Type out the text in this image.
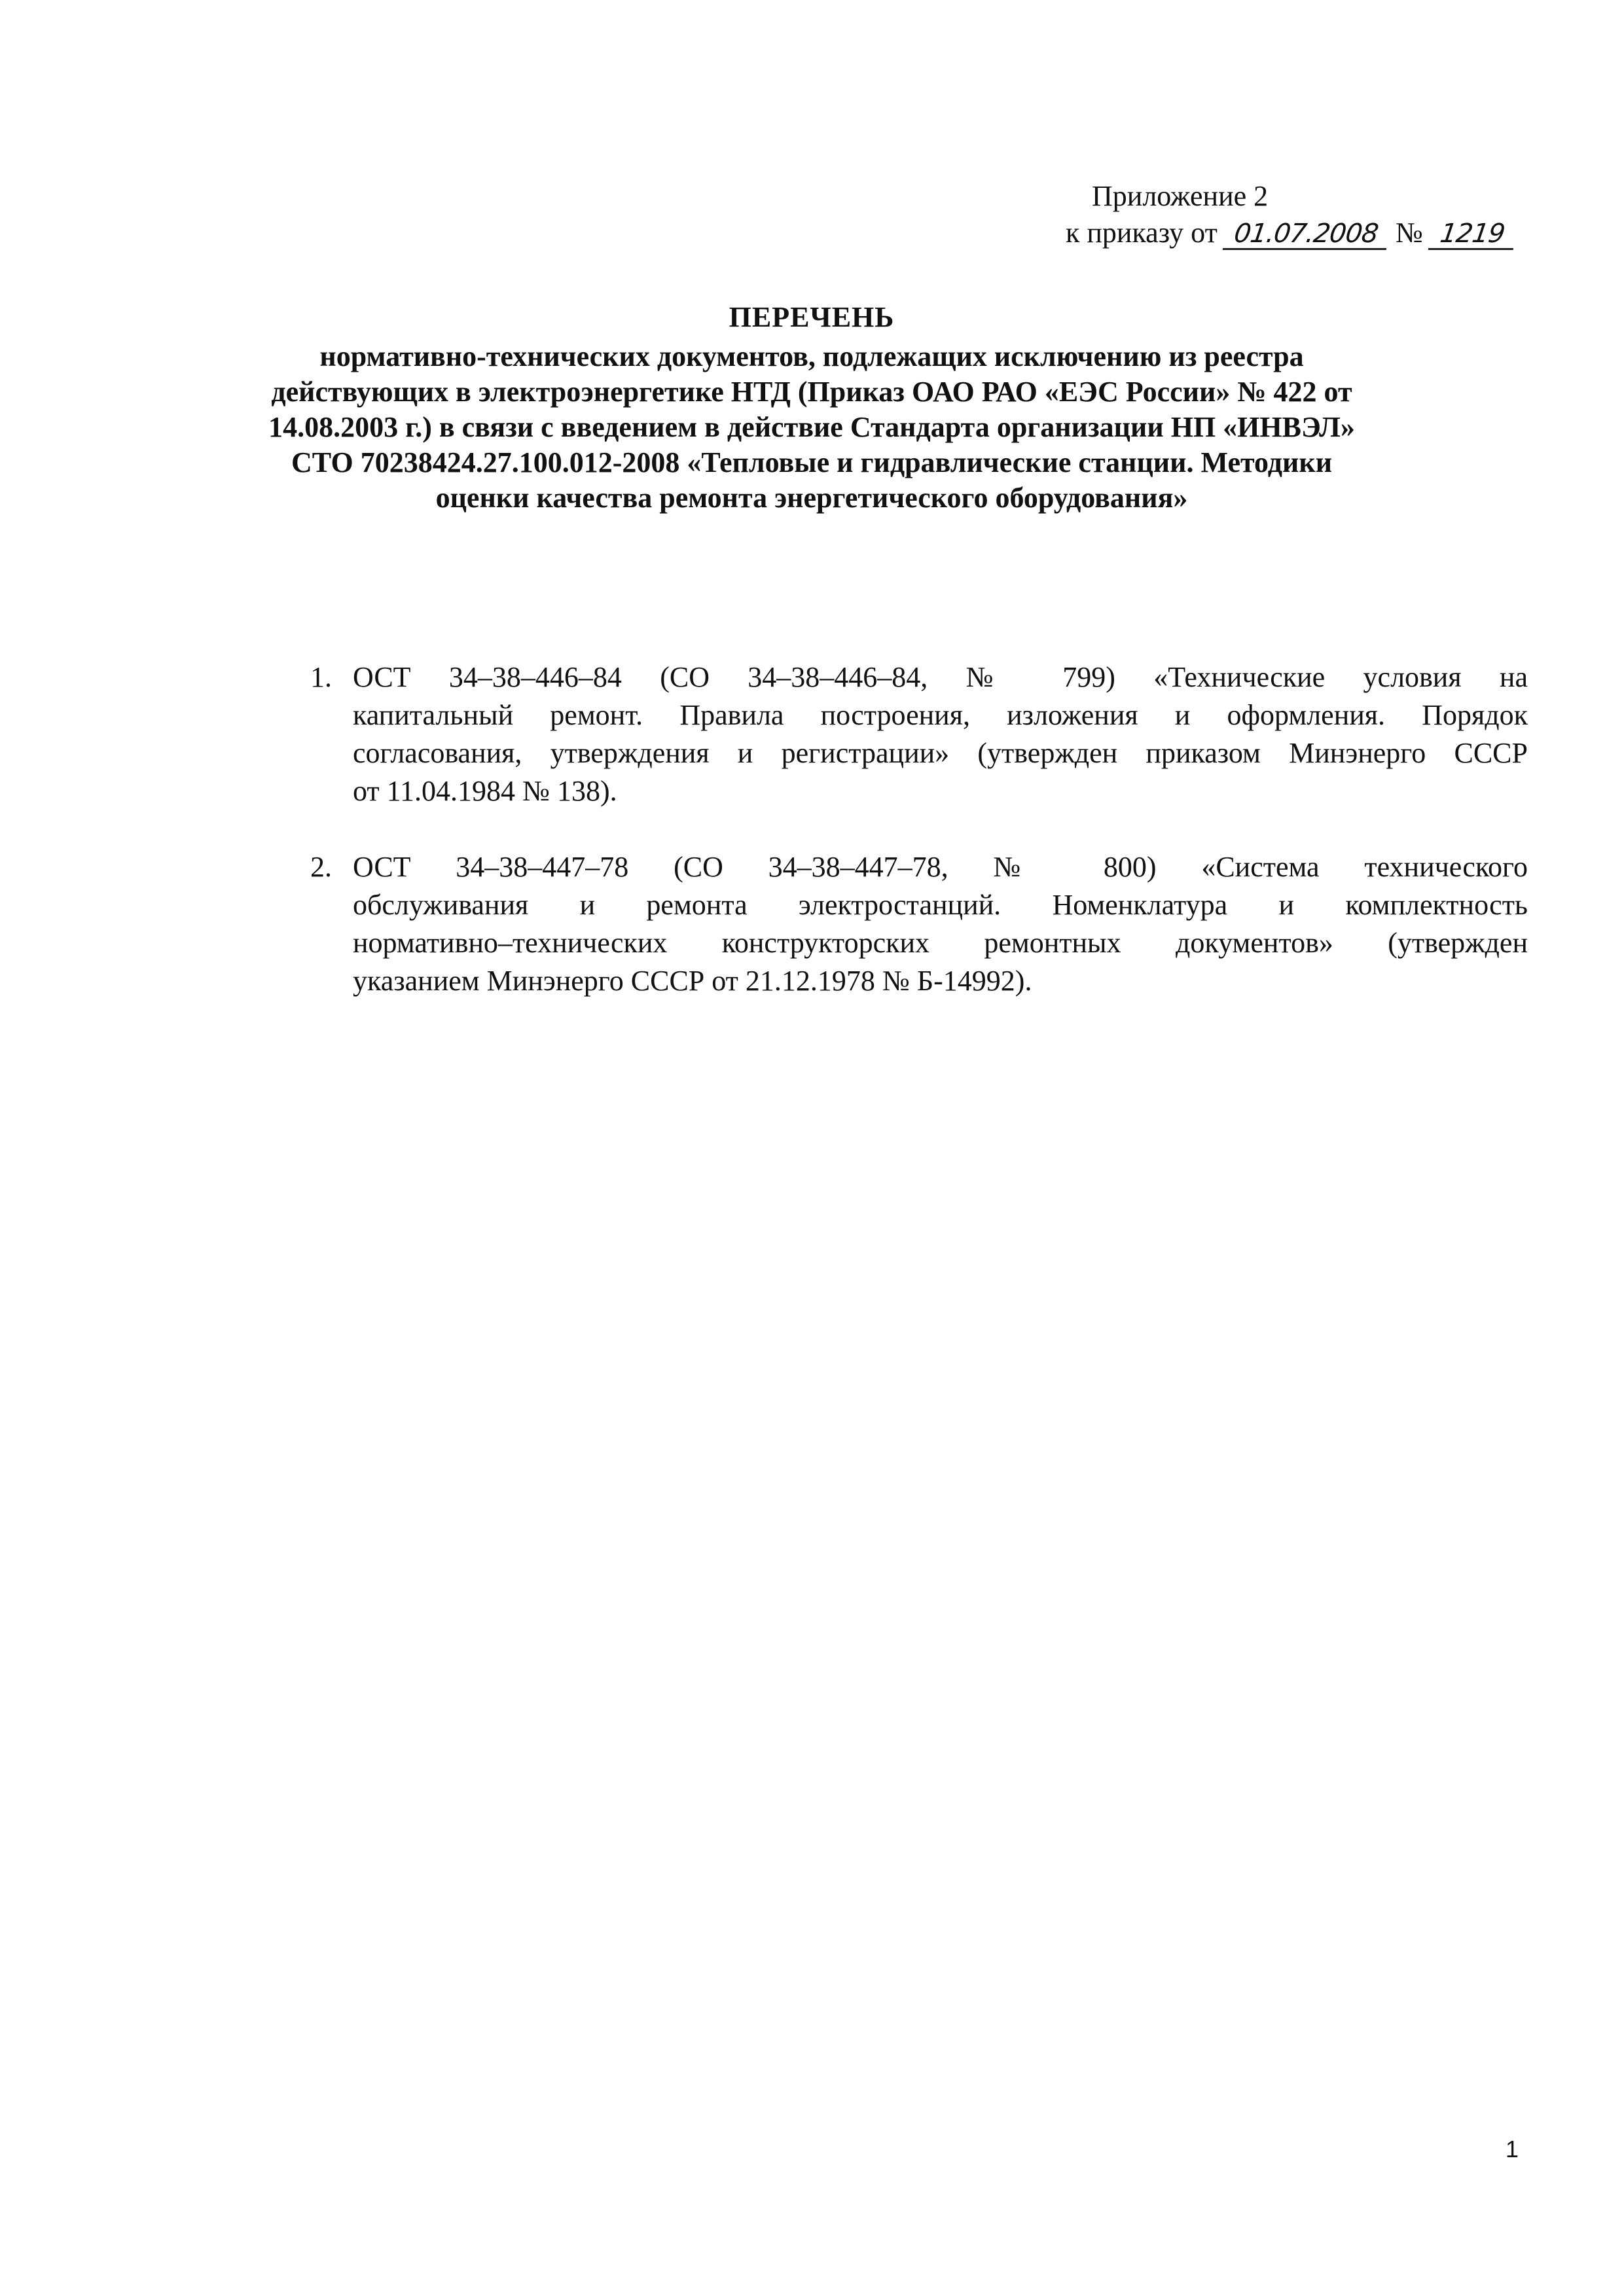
Приложение 2
к приказу от 01.07.2008 № 1219
ПЕРЕЧЕНЬ
нормативно-технических документов, подлежащих исключению из реестра
действующих в электроэнергетике НТД (Приказ ОАО РАО «ЕЭС России» № 422 от
14.08.2003 г.) в связи с введением в действие Стандарта организации НП «ИНВЭЛ»
СТО 70238424.27.100.012-2008 «Тепловые и гидравлические станции. Методики
оценки качества ремонта энергетического оборудования»
1. ОСТ 34–38–446–84 (СО 34–38–446–84, № 799) «Технические условия на
капитальный ремонт. Правила построения, изложения и оформления. Порядок
согласования, утверждения и регистрации» (утвержден приказом Минэнерго СССР
от 11.04.1984 № 138).
2. ОСТ 34–38–447–78 (СО 34–38–447–78, № 800) «Система технического
обслуживания и ремонта электростанций. Номенклатура и комплектность
нормативно–технических конструкторских ремонтных документов» (утвержден
указанием Минэнерго СССР от 21.12.1978 № Б-14992).
1
